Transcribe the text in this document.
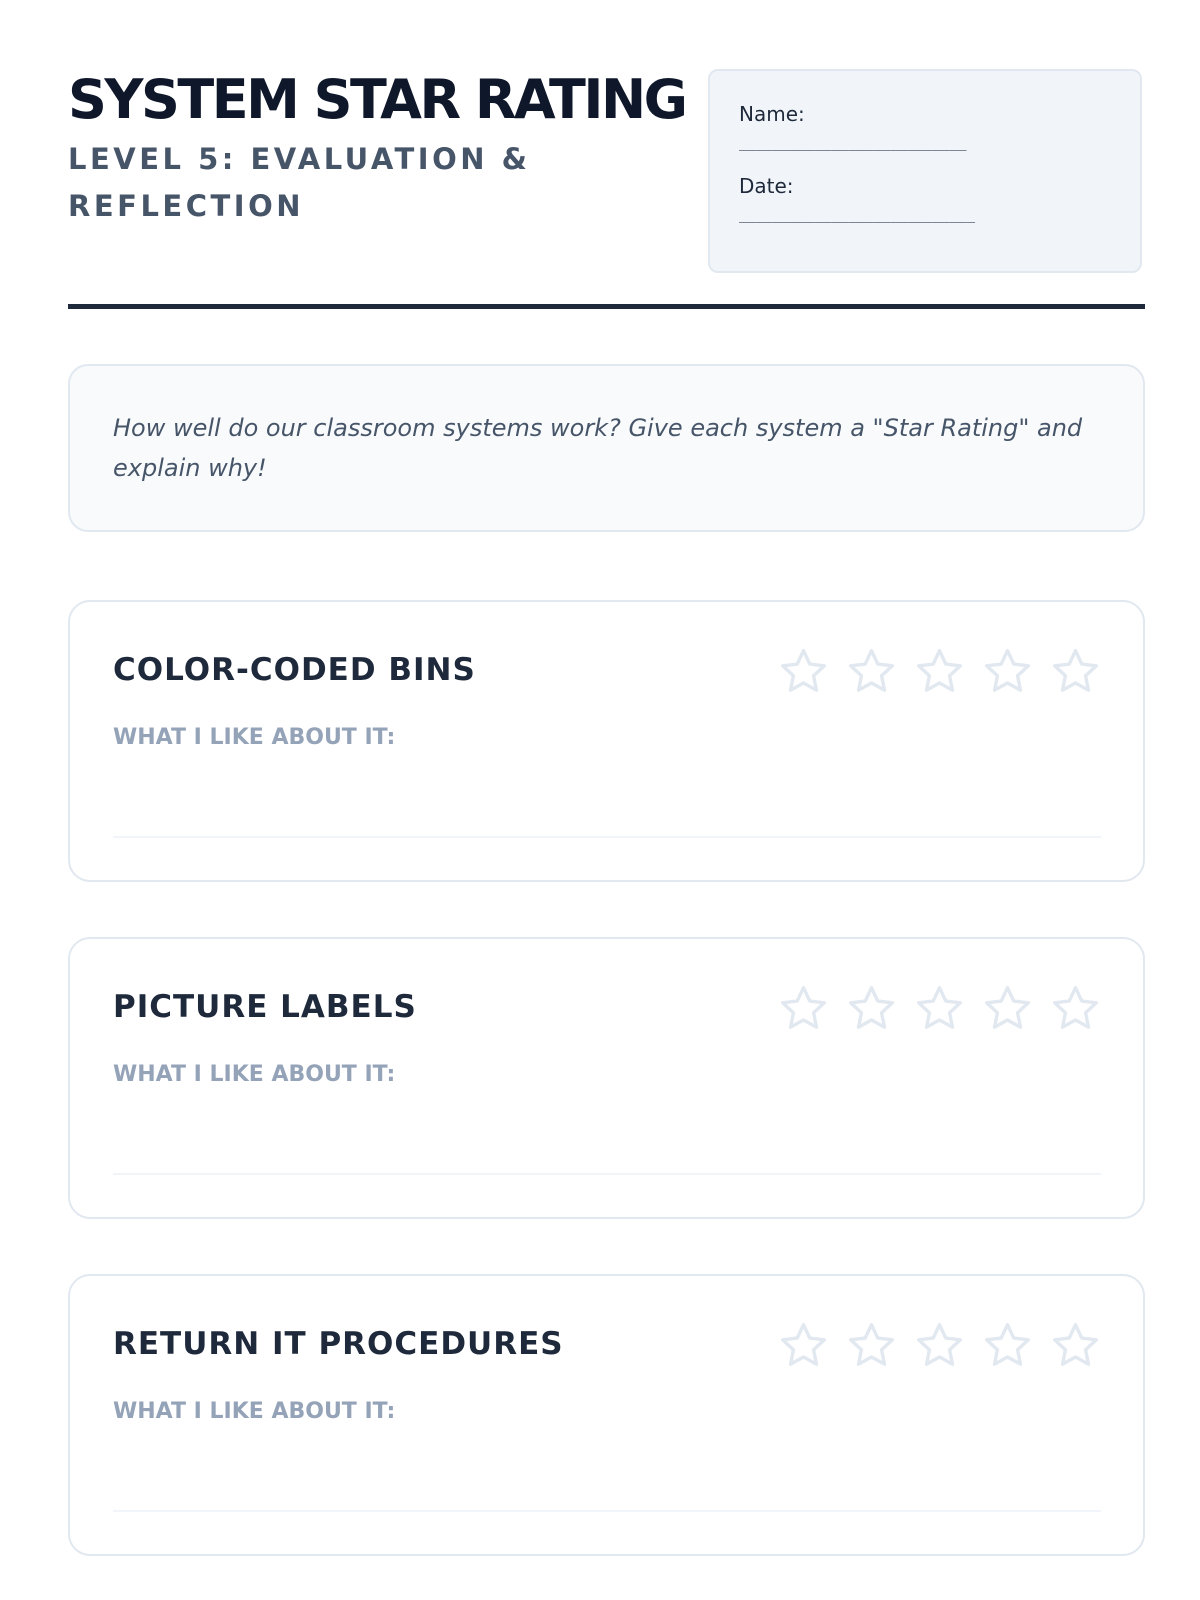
SYSTEM STAR RATING
LEVEL 5: EVALUATION & REFLECTION
Name:
___________________________
Date:
____________________________
How well do our classroom systems work? Give each system a "Star Rating" and explain why!
COLOR-CODED BINS
WHAT I LIKE ABOUT IT:
PICTURE LABELS
WHAT I LIKE ABOUT IT:
RETURN IT PROCEDURES
WHAT I LIKE ABOUT IT:
